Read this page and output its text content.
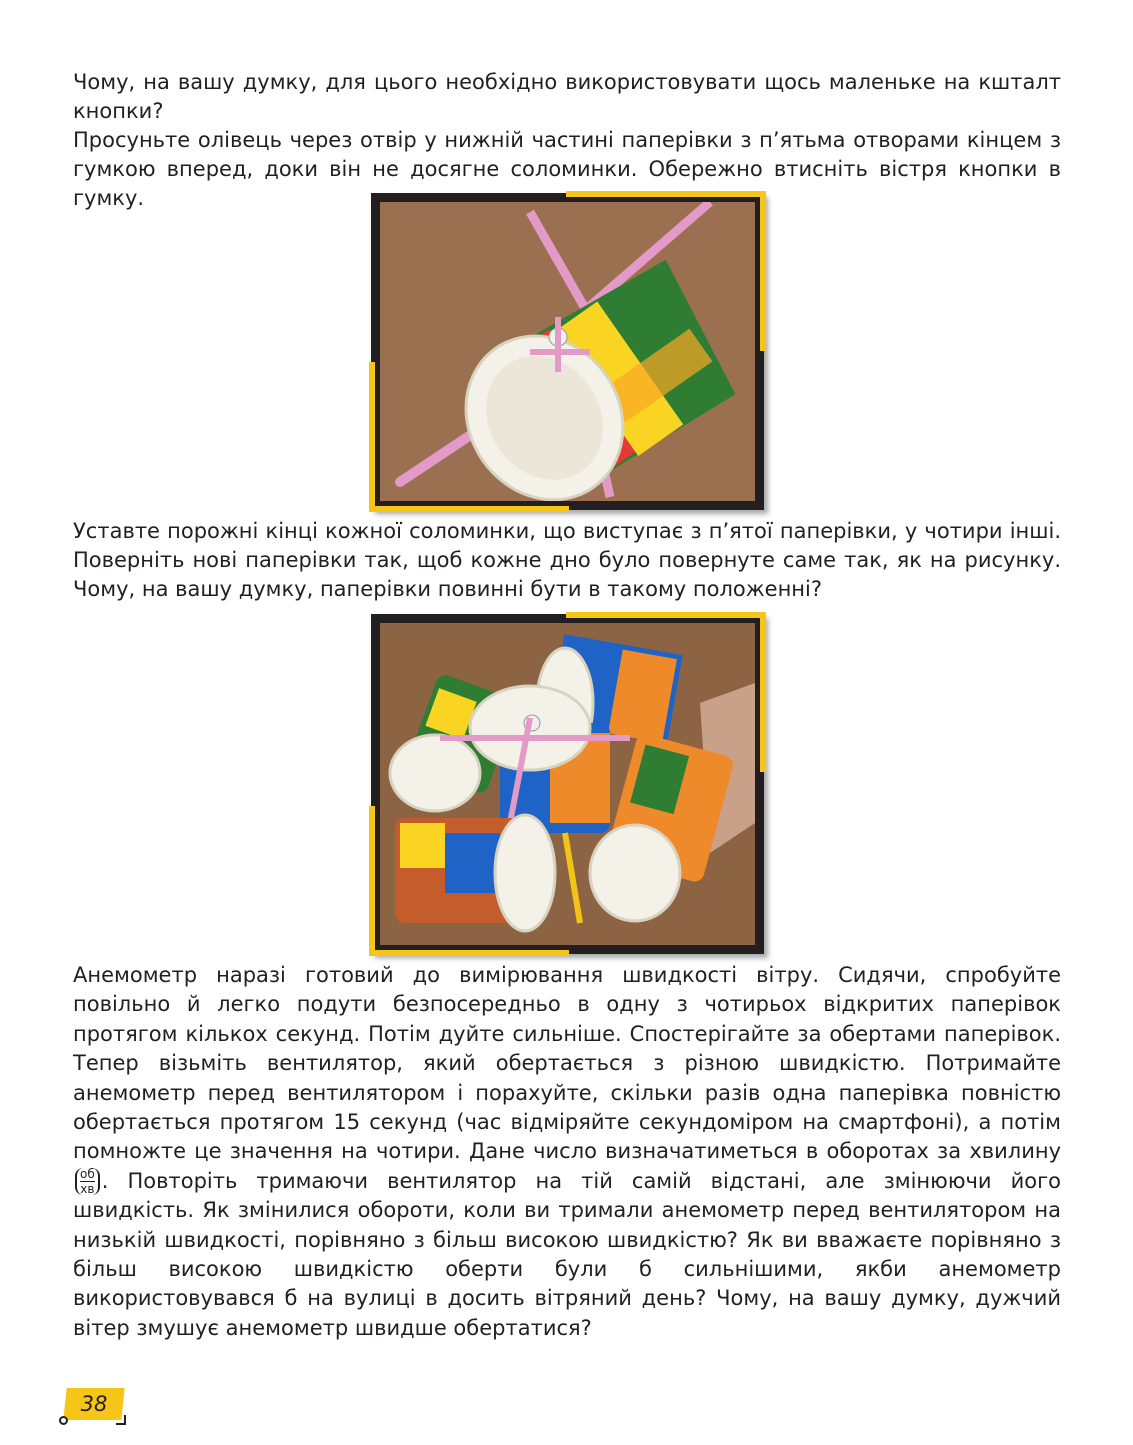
Чому, на вашу думку, для цього необхідно використовувати щось маленьке на кшталт кнопки?

Просуньте олівець через отвір у нижній частині паперівки з п’ятьма отворами кінцем з гумкою вперед, доки він не досягне соломинки. Обережно втисніть вістря кнопки в гумку.

Уставте порожні кінці кожної соломинки, що виступає з п’ятої паперівки, у чотири інші. Поверніть нові паперівки так, щоб кожне дно було повернуте саме так, як на рисунку. Чому, на вашу думку, паперівки повинні бути в такому положенні?

Анемометр наразі готовий до вимірювання швидкості вітру. Сидячи, спробуйте повільно й легко подути безпосередньо в одну з чотирьох відкритих паперівок протягом кількох секунд. Потім дуйте сильніше. Спостерігайте за обертами паперівок. Тепер візьміть вентилятор, який обертається з різною швидкістю. Потримайте анемометр перед вентилятором і порахуйте, скільки разів одна паперівка повністю обертається протягом 15 секунд (час відміряйте секундоміром на смартфоні), а потім помножте це значення на чотири. Дане число визначатиметься в оборотах за хвилину
$\frac{об}{хв}$ . Повторіть тримаючи вентилятор на тій самій відстані, але змінюючи його швидкість. Як змінилися обороти, коли ви тримали анемометр перед вентилятором на низькій швидкості, порівняно з більш високою швидкістю? Як ви вважаєте порівняно з більш високою швидкістю оберти були б сильнішими, якби анемометр використовувався б на вулиці в досить вітряний день? Чому, на вашу думку, дужчий вітер змушує анемометр швидше обертатися?

38
